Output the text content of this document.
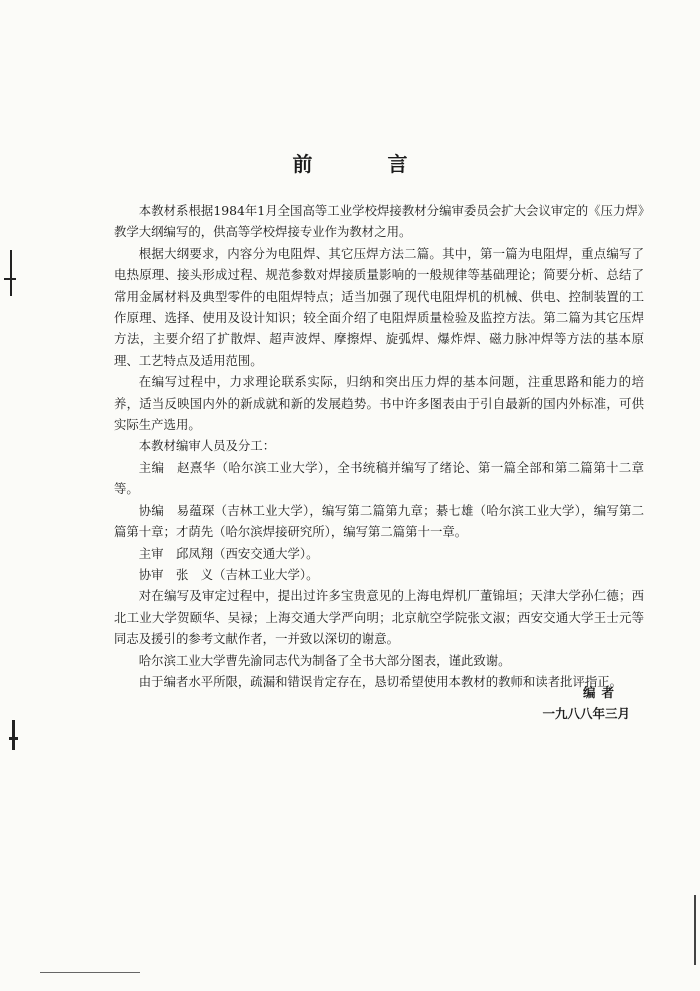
前 言

本教材系根据1984年1月全国高等工业学校焊接教材分编审委员会扩大会议审定的《压力焊》教学大纲编写的，供高等学校焊接专业作为教材之用。

根据大纲要求，内容分为电阻焊、其它压焊方法二篇。其中，第一篇为电阻焊，重点编写了电热原理、接头形成过程、规范参数对焊接质量影响的一般规律等基础理论；简要分析、总结了常用金属材料及典型零件的电阻焊特点；适当加强了现代电阻焊机的机械、供电、控制装置的工作原理、选择、使用及设计知识；较全面介绍了电阻焊质量检验及监控方法。第二篇为其它压焊方法，主要介绍了扩散焊、超声波焊、摩擦焊、旋弧焊、爆炸焊、磁力脉冲焊等方法的基本原理、工艺特点及适用范围。

在编写过程中，力求理论联系实际，归纳和突出压力焊的基本问题，注重思路和能力的培养，适当反映国内外的新成就和新的发展趋势。书中许多图表由于引自最新的国内外标准，可供实际生产选用。

本教材编审人员及分工：

主编　赵熹华（哈尔滨工业大学），全书统稿并编写了绪论、第一篇全部和第二篇第十二章等。

协编　易蕴琛（吉林工业大学），编写第二篇第九章；綦七雄（哈尔滨工业大学），编写第二篇第十章；才荫先（哈尔滨焊接研究所），编写第二篇第十一章。

主审　邱凤翔（西安交通大学）。

协审　张　义（吉林工业大学）。

对在编写及审定过程中，提出过许多宝贵意见的上海电焊机厂董锦垣；天津大学孙仁德；西北工业大学贺颐华、吴禄；上海交通大学严向明；北京航空学院张文淑；西安交通大学王士元等同志及援引的参考文献作者，一并致以深切的谢意。

哈尔滨工业大学曹先渝同志代为制备了全书大部分图表，谨此致谢。

由于编者水平所限，疏漏和错误肯定存在，恳切希望使用本教材的教师和读者批评指正。

编者
一九八八年三月
